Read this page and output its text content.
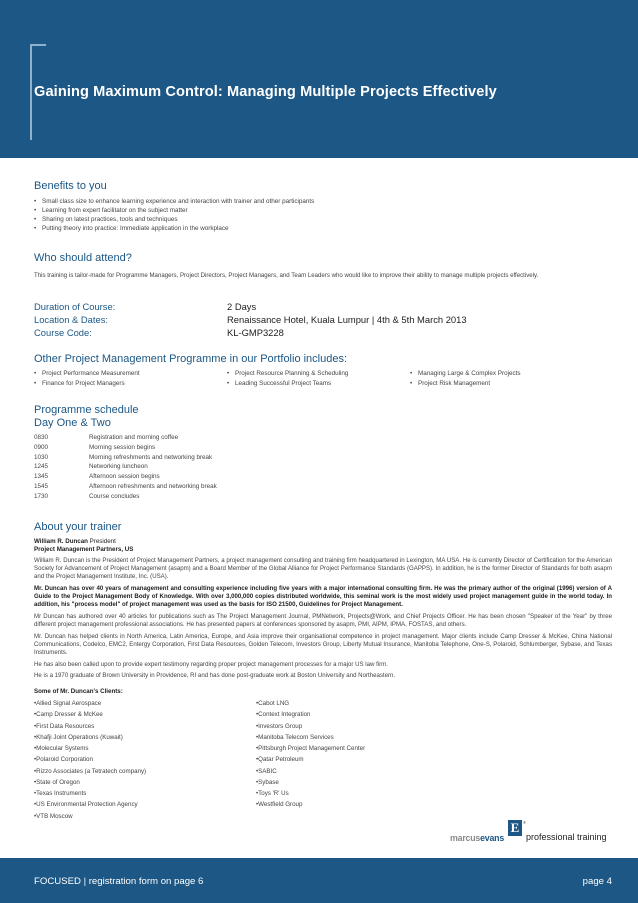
Gaining Maximum Control: Managing Multiple Projects Effectively
Benefits to you
• Small class size to enhance learning experience and interaction with trainer and other participants
• Learning from expert facilitator on the subject matter
• Sharing on latest practices, tools and techniques
• Putting theory into practice: Immediate application in the workplace
Who should attend?
This training is tailor-made for Programme Managers, Project Directors, Project Managers, and Team Leaders who would like to improve their ability to manage multiple projects effectively.
Duration of Course:	2 Days
Location & Dates:	Renaissance Hotel, Kuala Lumpur | 4th & 5th March 2013
Course Code:	KL-GMP3228
Other Project Management Programme in our Portfolio includes:
• Project Performance Measurement
• Finance for Project Managers
• Project Resource Planning & Scheduling
• Leading Successful Project Teams
• Managing Large & Complex Projects
• Project Risk Management
Programme schedule
Day One & Two
0830	Registration and morning coffee
0900	Morning session begins
1030	Morning refreshments and networking break
1245	Networking luncheon
1345	Afternoon session begins
1545	Afternoon refreshments and networking break
1730	Course concludes
About your trainer
William R. Duncan President
Project Management Partners, US

William R. Duncan is the President of Project Management Partners, a project management consulting and training firm headquartered in Lexington, MA USA. He is currently Director of Certification for the American Society for Advancement of Project Management (asapm) and a Board Member of the Global Alliance for Project Performance Standards (GAPPS). In addition, he is the former Director of Standards for both asapm and the Project Management Institute, Inc. (USA).

Mr. Duncan has over 40 years of management and consulting experience including five years with a major international consulting firm. He was the primary author of the original (1996) version of A Guide to the Project Management Body of Knowledge. With over 3,000,000 copies distributed worldwide, this seminal work is the most widely used project management guide in the world today. In addition, his "process model" of project management was used as the basis for ISO 21500, Guidelines for Project Management.

Mr Duncan has authored over 40 articles for publications such as The Project Management Journal, PMNetwork, Projects@Work, and Chief Projects Officer. He has been chosen "Speaker of the Year" by three different project management professional associations. He has presented papers at conferences sponsored by asapm, PMI, AIPM, IPMA, FOSTAS, and others.

Mr. Duncan has helped clients in North America, Latin America, Europe, and Asia improve their organisational competence in project management. Major clients include Camp Dresser & McKee, China National Communications, Codelco, EMC2, Entergy Corporation, First Data Resources, Golden Telecom, Investors Group, Liberty Mutual Insurance, Manitoba Telephone, One-S, Polaroid, Schlumberger, Sybase, and Texas Instruments.

He has also been called upon to provide expert testimony regarding proper project management processes for a major US law firm.

He is a 1970 graduate of Brown University in Providence, RI and has done post-graduate work at Boston University and Northeastern.

Some of Mr. Duncan's Clients:
• Allied Signal Aerospace
• Camp Dresser & McKee
• First Data Resources
• Khafji Joint Operations (Kuwait)
• Molecular Systems
• Polaroid Corporation
• Rizzo Associates (a Tetratech company)
• State of Oregon
• Texas Instruments
• US Environmental Protection Agency
• VTB Moscow
• Cabot LNG
• Context Integration
• Investors Group
• Manitoba Telecom Services
• Pittsburgh Project Management Center
• Qatar Petroleum
• SABIC
• Sybase
• Toys 'R' Us
• Westfield Group
E ®
marcusevans professional training
FOCUSED | registration form on page 6	page 4
